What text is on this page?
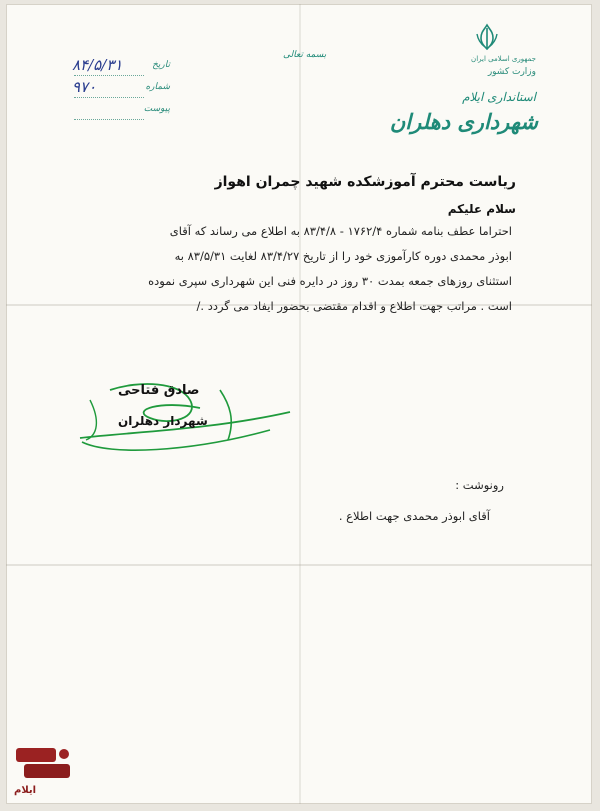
جمهوری اسلامی ایران
وزارت کشور
استانداری ایلام
شهرداری دهلران
بسمه تعالی
تاریخ
۸۴/۵/۳۱
شماره
۹۷۰
پیوست
ریاست محترم آموزشکده شهید چمران اهواز
سلام علیکم

احتراما عطف بنامه شماره ۱۷۶۲/۴ - ۸۳/۴/۸ به اطلاع می رساند که آقای

ابوذر محمدی دوره کارآموزی خود را از تاریخ ۸۳/۴/۲۷ لغایت ۸۳/۵/۳۱ به

استثنای روزهای جمعه بمدت ۳۰ روز در دایره فنی این شهرداری سپری نموده

است . مراتب جهت اطلاع و اقدام مقتضی بحضور ایفاد می گردد ./

صادق فتاحی
شهردار دهلران
رونوشت :
آقای ابوذر محمدی جهت اطلاع .
ایلام
